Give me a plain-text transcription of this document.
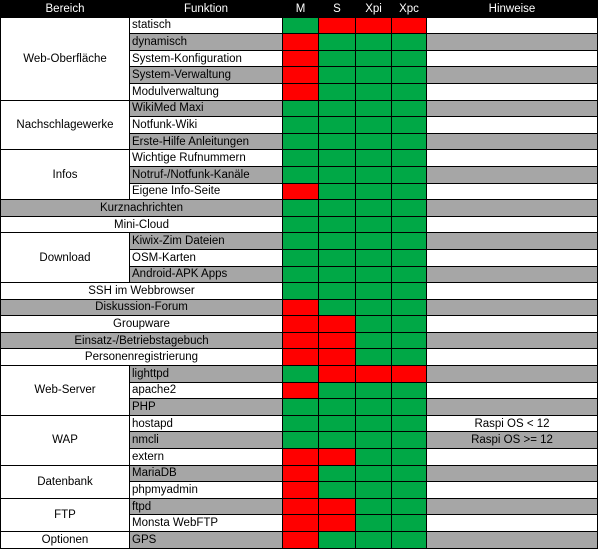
Bereich	Funktion	M	S	Xpi	Xpc	Hinweise
Web-Oberfläche	statisch					
	dynamisch					
	System-Konfiguration					
	System-Verwaltung					
	Modulverwaltung					
Nachschlagewerke	WikiMed Maxi					
	Notfunk-Wiki					
	Erste-Hilfe Anleitungen					
Infos	Wichtige Rufnummern					
	Notruf-/Notfunk-Kanäle					
	Eigene Info-Seite					
Kurznachrichten						
Mini-Cloud						
Download	Kiwix-Zim Dateien					
	OSM-Karten					
	Android-APK Apps					
SSH im Webbrowser						
Diskussion-Forum						
Groupware						
Einsatz-/Betriebstagebuch						
Personenregistrierung						
Web-Server	lighttpd					
	apache2					
	PHP					
WAP	hostapd					Raspi OS < 12
	nmcli					Raspi OS >= 12
	extern					
Datenbank	MariaDB					
	phpmyadmin					
FTP	ftpd					
	Monsta WebFTP					
Optionen	GPS					
